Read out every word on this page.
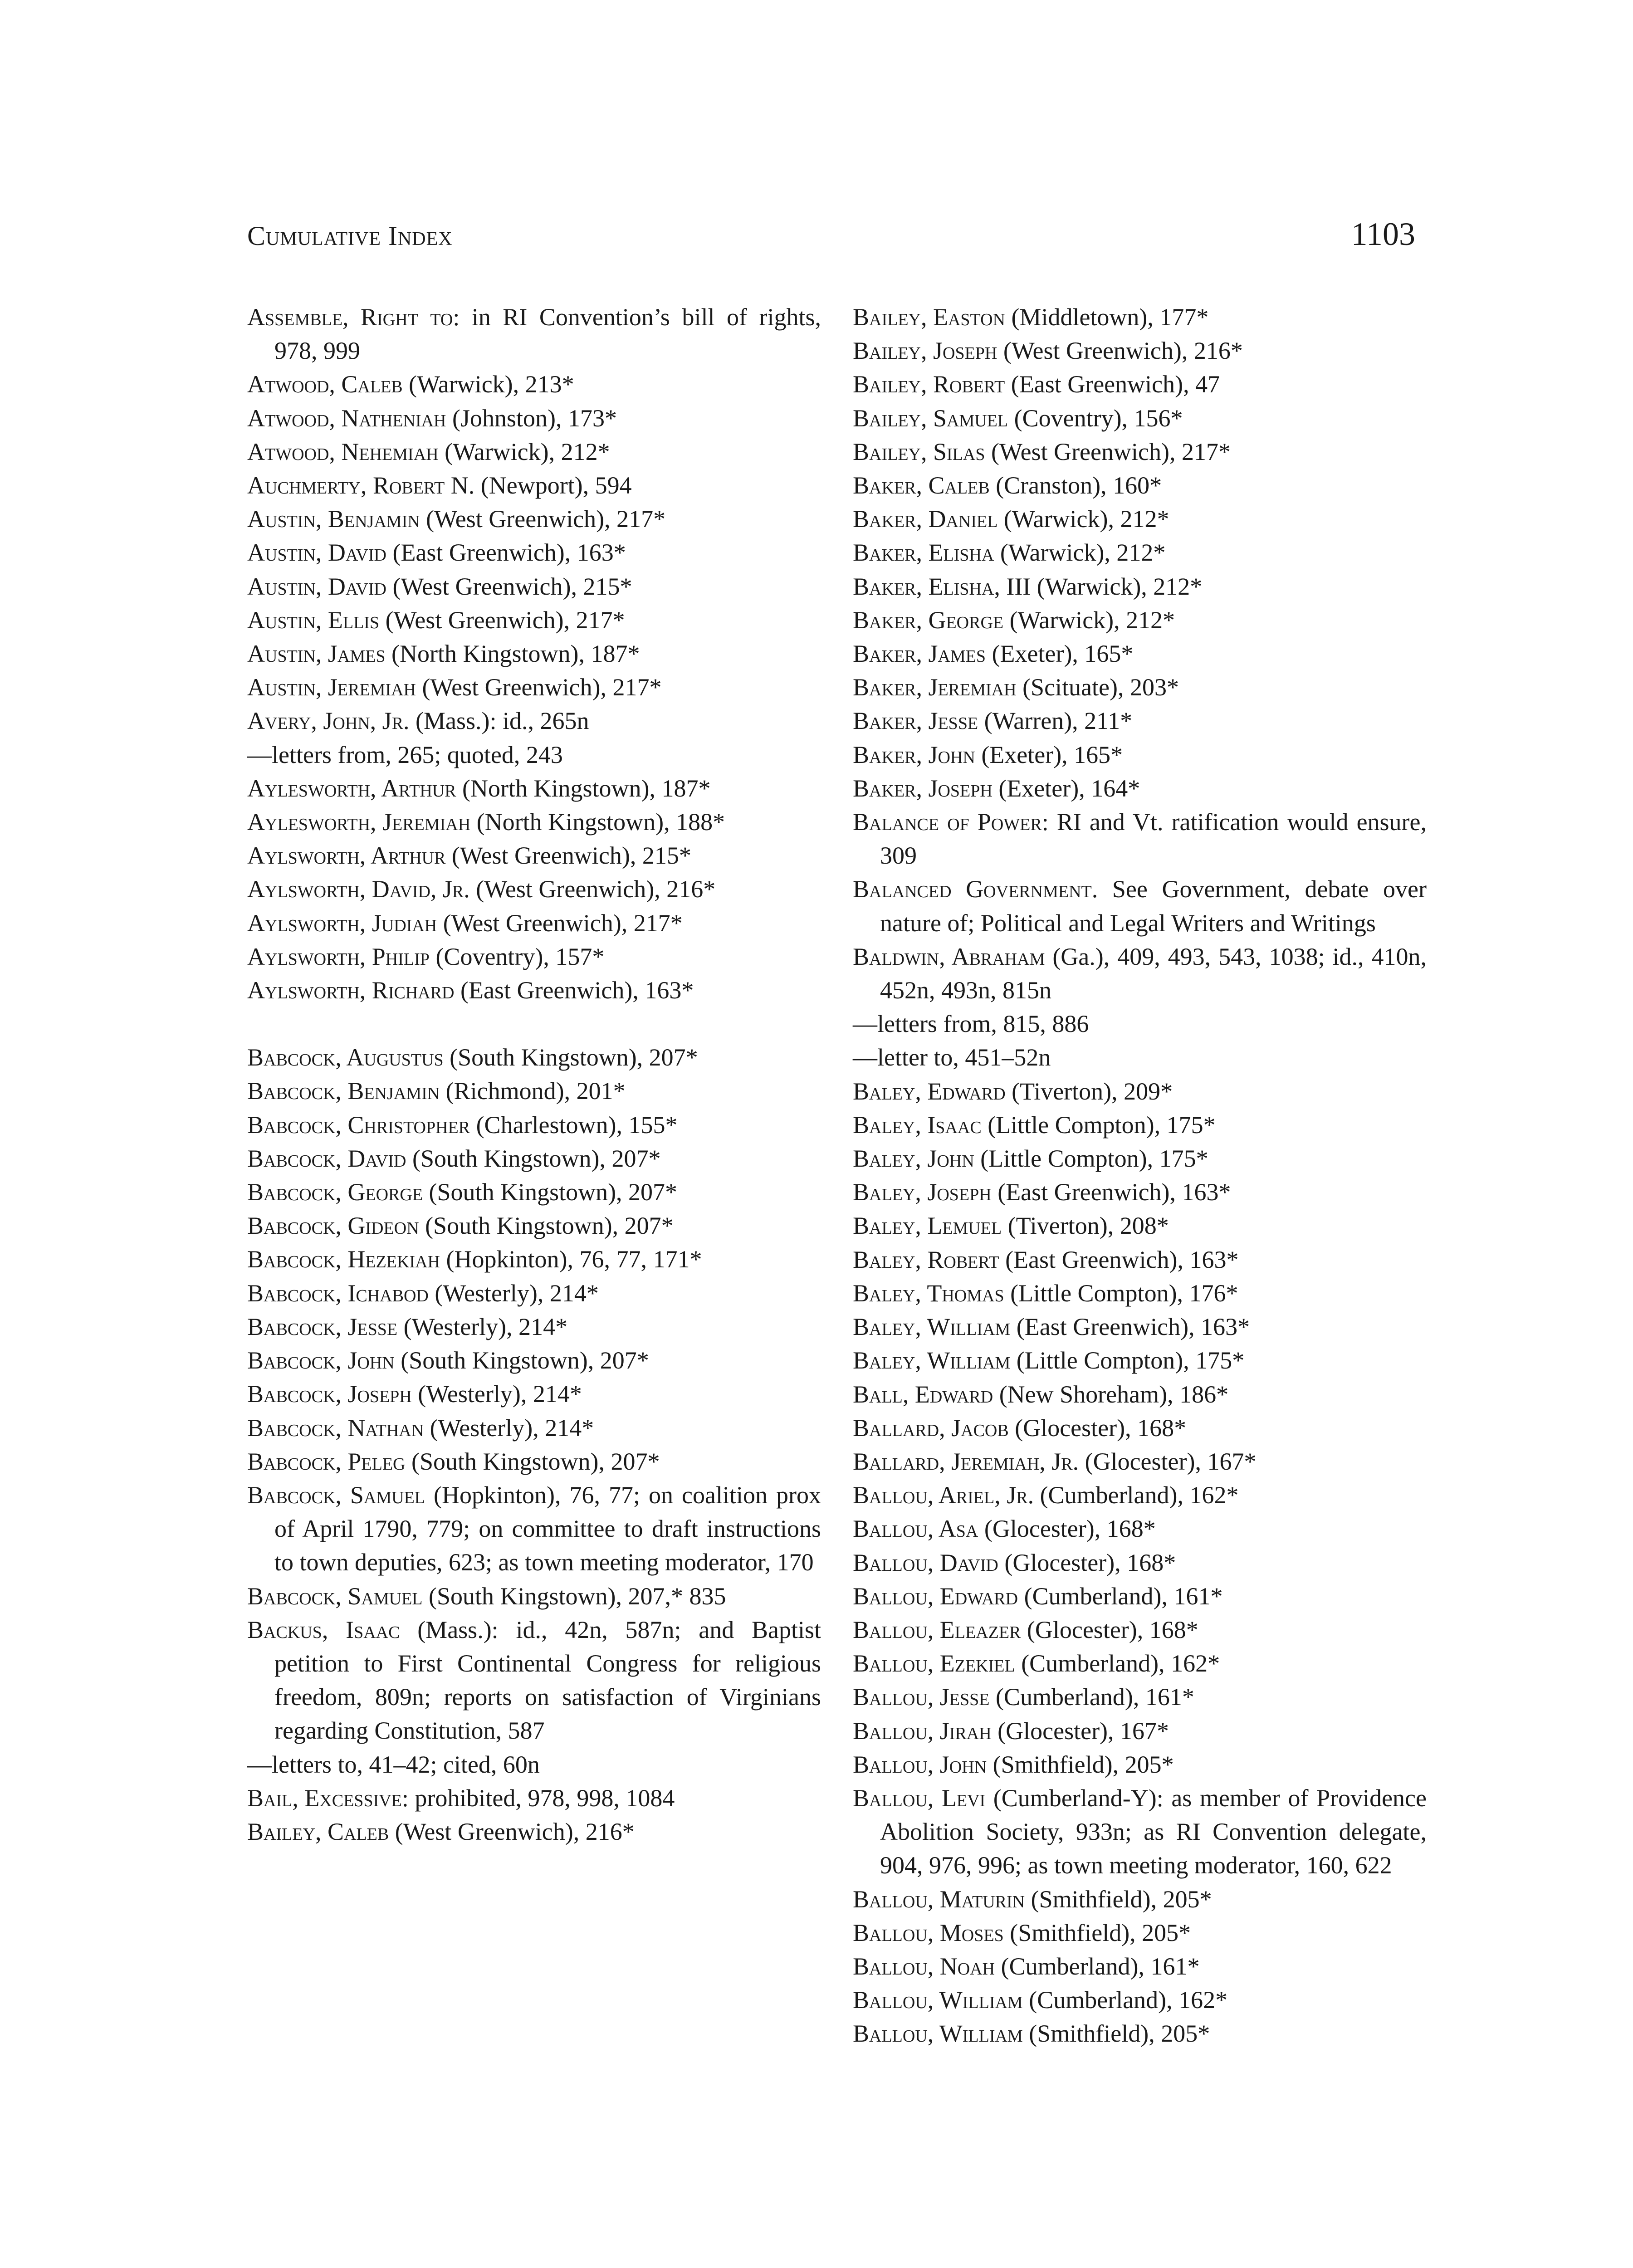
Cumulative Index	1103
Assemble, Right to: in RI Convention’s bill of rights, 978, 999
Atwood, Caleb (Warwick), 213*
Atwood, Natheniah (Johnston), 173*
Atwood, Nehemiah (Warwick), 212*
Auchmerty, Robert N. (Newport), 594
Austin, Benjamin (West Greenwich), 217*
Austin, David (East Greenwich), 163*
Austin, David (West Greenwich), 215*
Austin, Ellis (West Greenwich), 217*
Austin, James (North Kingstown), 187*
Austin, Jeremiah (West Greenwich), 217*
Avery, John, Jr. (Mass.): id., 265n
—letters from, 265; quoted, 243
Aylesworth, Arthur (North Kingstown), 187*
Aylesworth, Jeremiah (North Kingstown), 188*
Aylsworth, Arthur (West Greenwich), 215*
Aylsworth, David, Jr. (West Greenwich), 216*
Aylsworth, Judiah (West Greenwich), 217*
Aylsworth, Philip (Coventry), 157*
Aylsworth, Richard (East Greenwich), 163*
Babcock, Augustus (South Kingstown), 207*
Babcock, Benjamin (Richmond), 201*
Babcock, Christopher (Charlestown), 155*
Babcock, David (South Kingstown), 207*
Babcock, George (South Kingstown), 207*
Babcock, Gideon (South Kingstown), 207*
Babcock, Hezekiah (Hopkinton), 76, 77, 171*
Babcock, Ichabod (Westerly), 214*
Babcock, Jesse (Westerly), 214*
Babcock, John (South Kingstown), 207*
Babcock, Joseph (Westerly), 214*
Babcock, Nathan (Westerly), 214*
Babcock, Peleg (South Kingstown), 207*
Babcock, Samuel (Hopkinton), 76, 77; on coalition prox of April 1790, 779; on committee to draft instructions to town deputies, 623; as town meeting moderator, 170
Babcock, Samuel (South Kingstown), 207,* 835
Backus, Isaac (Mass.): id., 42n, 587n; and Baptist petition to First Continental Congress for religious freedom, 809n; reports on satisfaction of Virginians regarding Constitution, 587
—letters to, 41–42; cited, 60n
Bail, Excessive: prohibited, 978, 998, 1084
Bailey, Caleb (West Greenwich), 216*
Bailey, Easton (Middletown), 177*
Bailey, Joseph (West Greenwich), 216*
Bailey, Robert (East Greenwich), 47
Bailey, Samuel (Coventry), 156*
Bailey, Silas (West Greenwich), 217*
Baker, Caleb (Cranston), 160*
Baker, Daniel (Warwick), 212*
Baker, Elisha (Warwick), 212*
Baker, Elisha, III (Warwick), 212*
Baker, George (Warwick), 212*
Baker, James (Exeter), 165*
Baker, Jeremiah (Scituate), 203*
Baker, Jesse (Warren), 211*
Baker, John (Exeter), 165*
Baker, Joseph (Exeter), 164*
Balance of Power: RI and Vt. ratification would ensure, 309
Balanced Government. See Government, debate over nature of; Political and Legal Writers and Writings
Baldwin, Abraham (Ga.), 409, 493, 543, 1038; id., 410n, 452n, 493n, 815n
—letters from, 815, 886
—letter to, 451–52n
Baley, Edward (Tiverton), 209*
Baley, Isaac (Little Compton), 175*
Baley, John (Little Compton), 175*
Baley, Joseph (East Greenwich), 163*
Baley, Lemuel (Tiverton), 208*
Baley, Robert (East Greenwich), 163*
Baley, Thomas (Little Compton), 176*
Baley, William (East Greenwich), 163*
Baley, William (Little Compton), 175*
Ball, Edward (New Shoreham), 186*
Ballard, Jacob (Glocester), 168*
Ballard, Jeremiah, Jr. (Glocester), 167*
Ballou, Ariel, Jr. (Cumberland), 162*
Ballou, Asa (Glocester), 168*
Ballou, David (Glocester), 168*
Ballou, Edward (Cumberland), 161*
Ballou, Eleazer (Glocester), 168*
Ballou, Ezekiel (Cumberland), 162*
Ballou, Jesse (Cumberland), 161*
Ballou, Jirah (Glocester), 167*
Ballou, John (Smithfield), 205*
Ballou, Levi (Cumberland-Y): as member of Providence Abolition Society, 933n; as RI Convention delegate, 904, 976, 996; as town meeting moderator, 160, 622
Ballou, Maturin (Smithfield), 205*
Ballou, Moses (Smithfield), 205*
Ballou, Noah (Cumberland), 161*
Ballou, William (Cumberland), 162*
Ballou, William (Smithfield), 205*
